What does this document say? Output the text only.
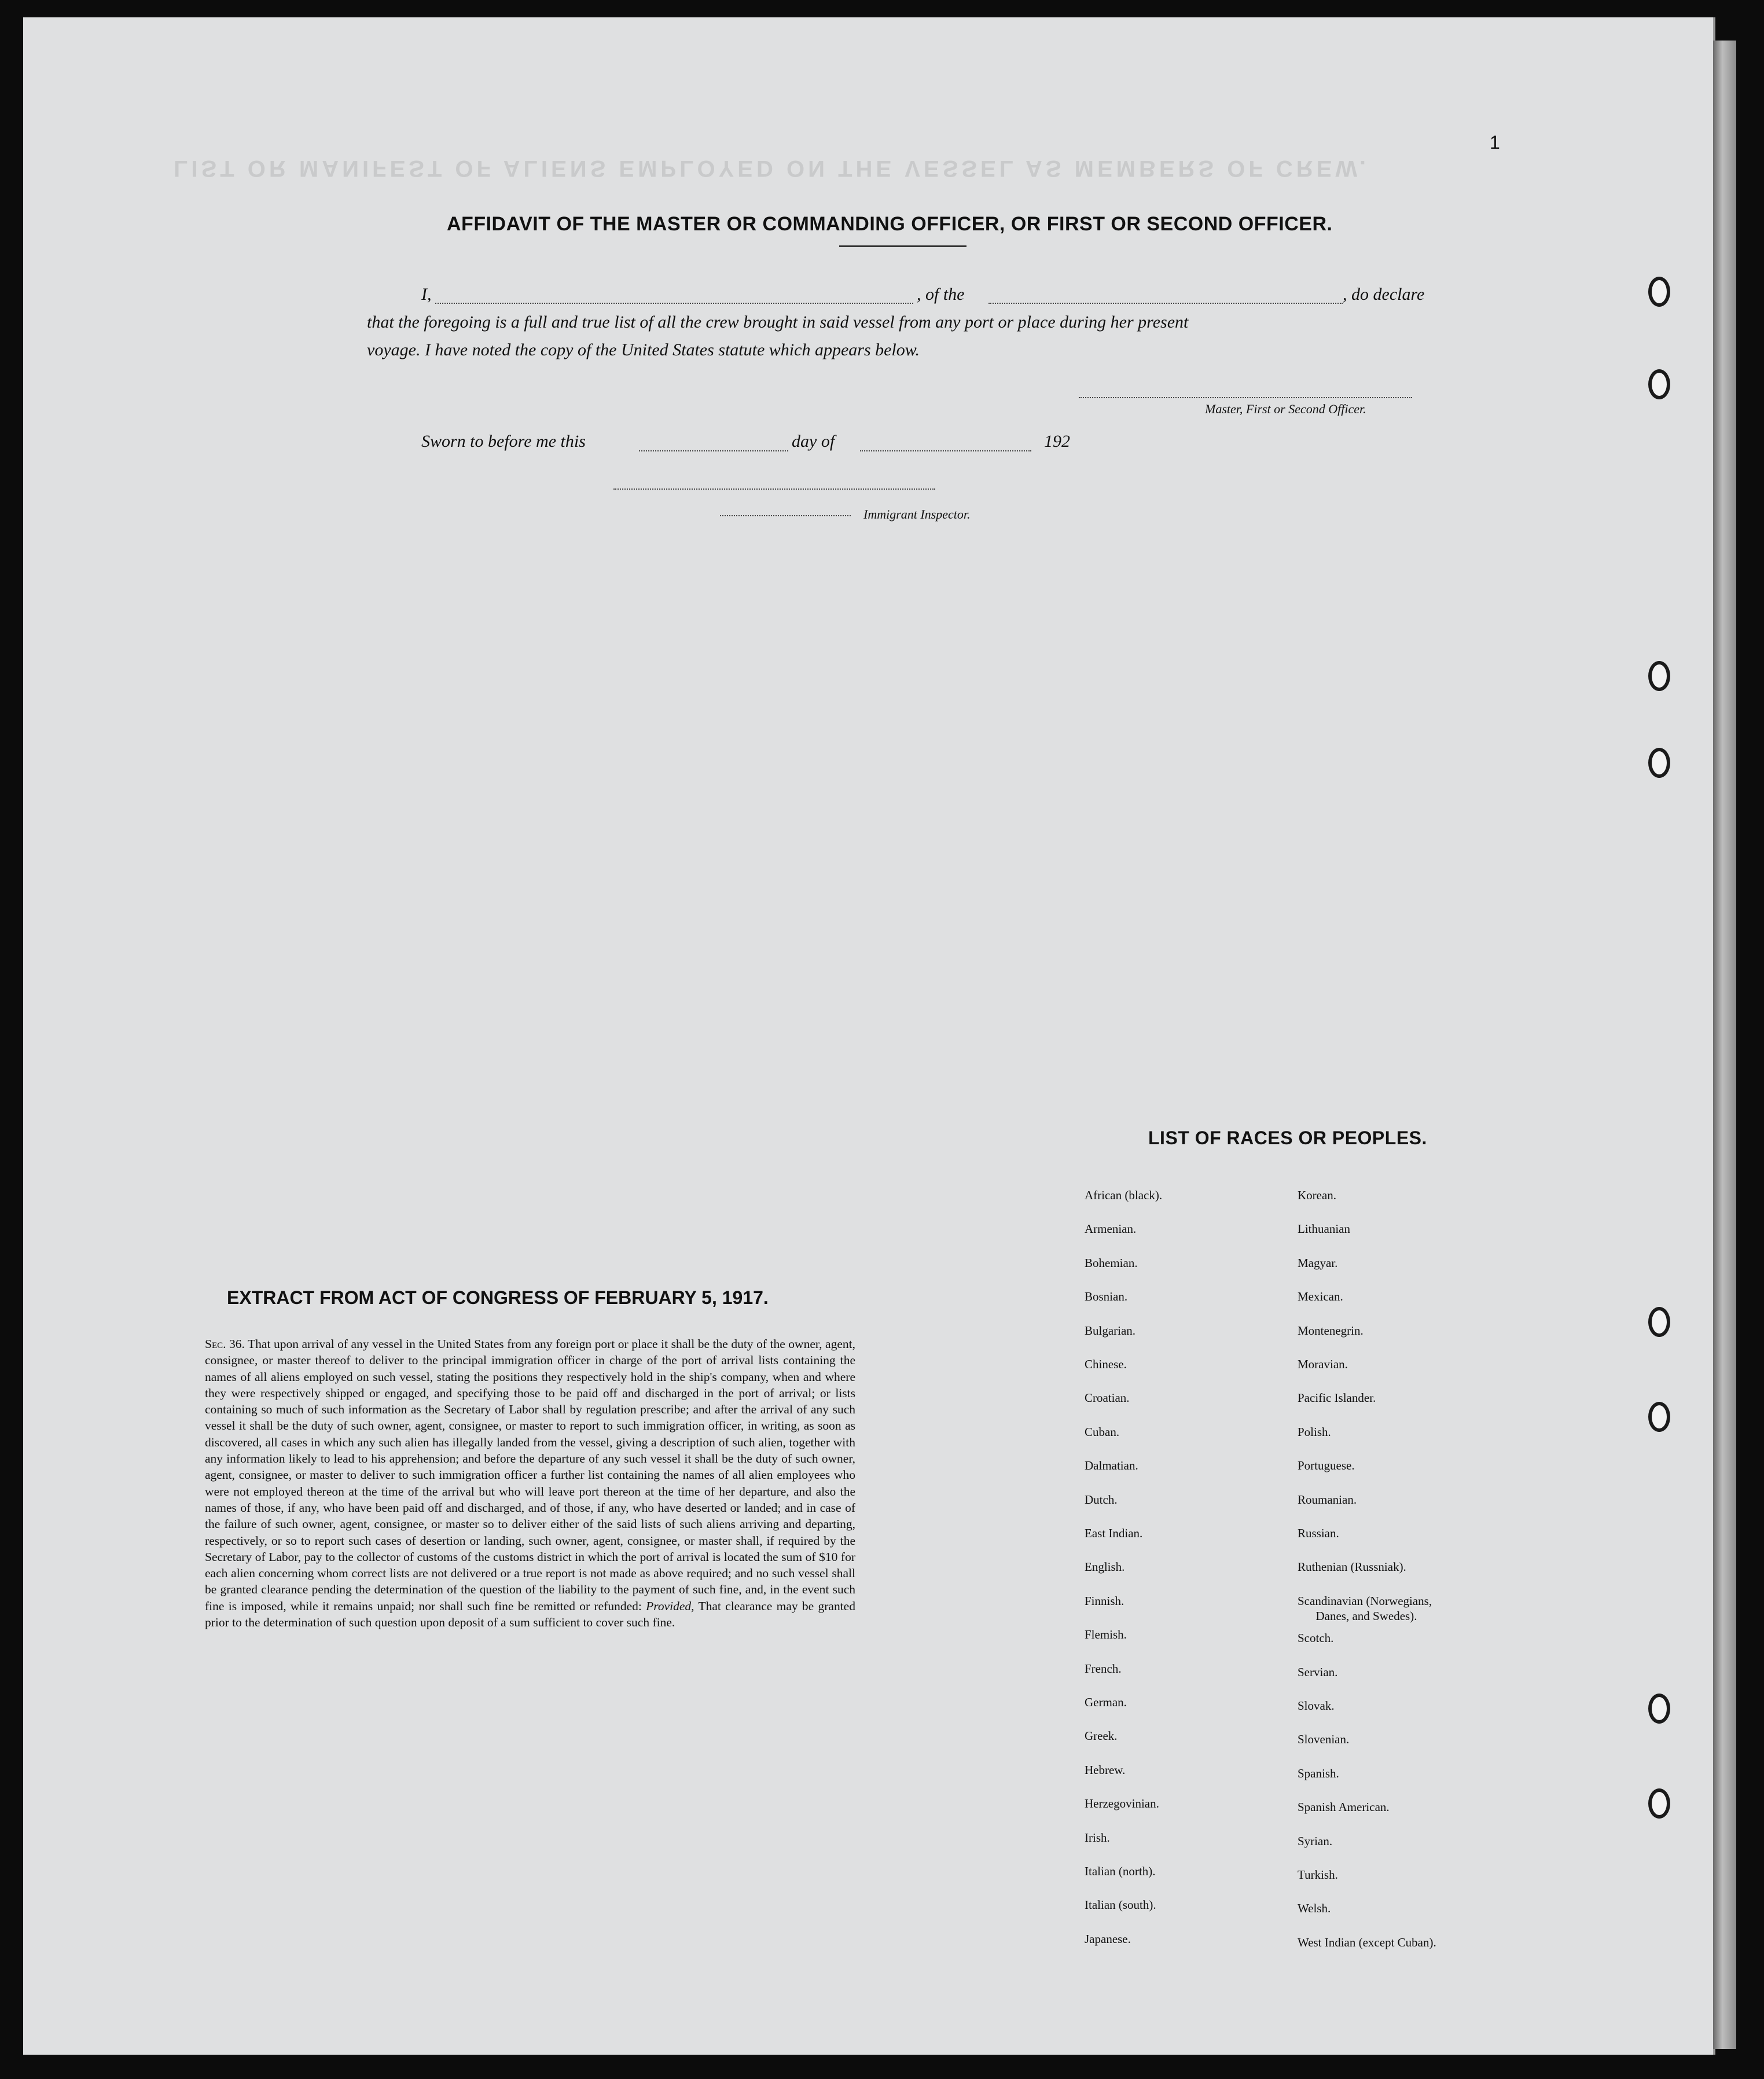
LIST OR MANIFEST OF ALIENS EMPLOYED ON THE VESSEL AS MEMBERS OF CREW.
1
AFFIDAVIT OF THE MASTER OR COMMANDING OFFICER, OR FIRST OR SECOND OFFICER.
I,	, of the	, do declare
that the foregoing is a full and true list of all the crew brought in said vessel from any port or place during her present
voyage. I have noted the copy of the United States statute which appears below.
Master, First or Second Officer.
Sworn to before me this	day of	192
Immigrant Inspector.
EXTRACT FROM ACT OF CONGRESS OF FEBRUARY 5, 1917.
Sec. 36. That upon arrival of any vessel in the United States from any foreign port or place it shall be the duty of the owner, agent, consignee, or master thereof to deliver to the principal immigration officer in charge of the port of arrival lists containing the names of all aliens employed on such vessel, stating the positions they respectively hold in the ship's company, when and where they were respectively shipped or engaged, and specifying those to be paid off and discharged in the port of arrival; or lists containing so much of such information as the Secretary of Labor shall by regulation prescribe; and after the arrival of any such vessel it shall be the duty of such owner, agent, consignee, or master to report to such immigration officer, in writing, as soon as discovered, all cases in which any such alien has illegally landed from the vessel, giving a description of such alien, together with any information likely to lead to his apprehension; and before the departure of any such vessel it shall be the duty of such owner, agent, consignee, or master to deliver to such immigration officer a further list containing the names of all alien employees who were not employed thereon at the time of the arrival but who will leave port thereon at the time of her departure, and also the names of those, if any, who have been paid off and discharged, and of those, if any, who have deserted or landed; and in case of the failure of such owner, agent, consignee, or master so to deliver either of the said lists of such aliens arriving and departing, respectively, or so to report such cases of desertion or landing, such owner, agent, consignee, or master shall, if required by the Secretary of Labor, pay to the collector of customs of the customs district in which the port of arrival is located the sum of $10 for each alien concerning whom correct lists are not delivered or a true report is not made as above required; and no such vessel shall be granted clearance pending the determination of the question of the liability to the payment of such fine, and, in the event such fine is imposed, while it remains unpaid; nor shall such fine be remitted or refunded: Provided, That clearance may be granted prior to the determination of such question upon deposit of a sum sufficient to cover such fine.
LIST OF RACES OR PEOPLES.
African (black).
Armenian.
Bohemian.
Bosnian.
Bulgarian.
Chinese.
Croatian.
Cuban.
Dalmatian.
Dutch.
East Indian.
English.
Finnish.
Flemish.
French.
German.
Greek.
Hebrew.
Herzegovinian.
Irish.
Italian (north).
Italian (south).
Japanese.
Korean.
Lithuanian
Magyar.
Mexican.
Montenegrin.
Moravian.
Pacific Islander.
Polish.
Portuguese.
Roumanian.
Russian.
Ruthenian (Russniak).
Scandinavian (Norwegians,
Danes, and Swedes).
Scotch.
Servian.
Slovak.
Slovenian.
Spanish.
Spanish American.
Syrian.
Turkish.
Welsh.
West Indian (except Cuban).
